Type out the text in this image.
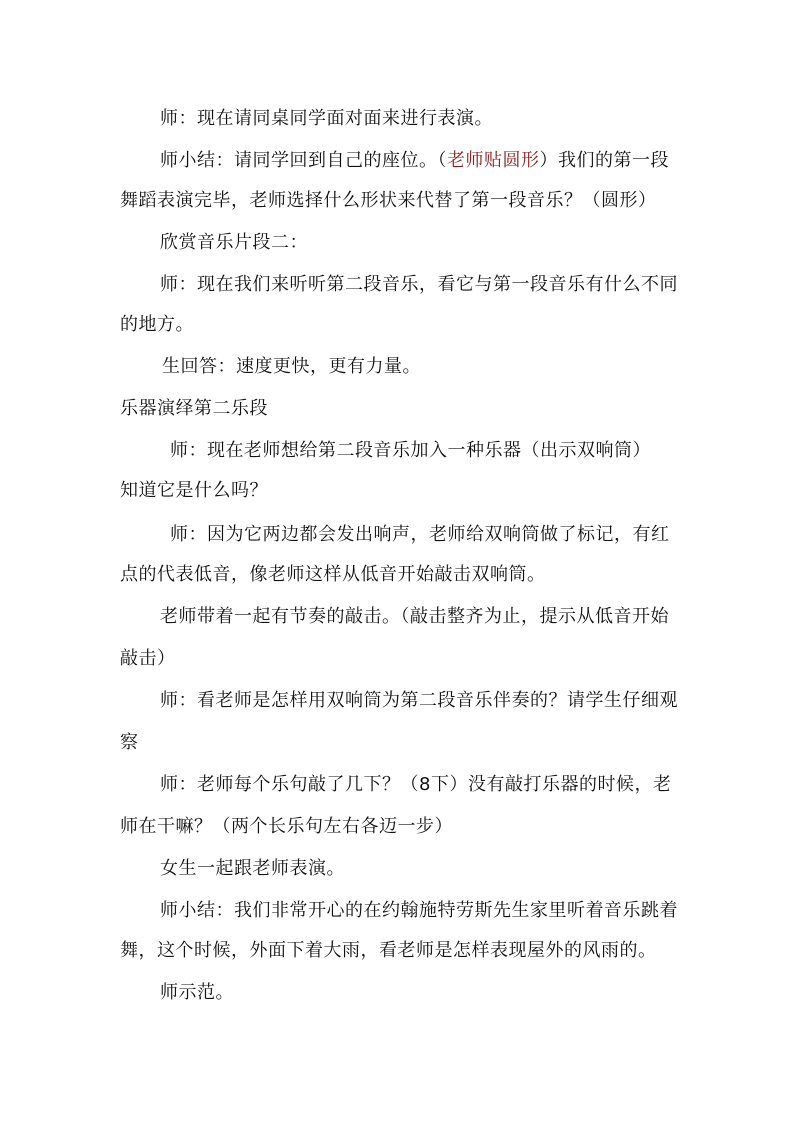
师：现在请同桌同学面对面来进行表演。
师小结：请同学回到自己的座位。（老师贴圆形）我们的第一段
舞蹈表演完毕，老师选择什么形状来代替了第一段音乐？（圆形）
欣赏音乐片段二：
师：现在我们来听听第二段音乐，看它与第一段音乐有什么不同
的地方。
生回答：速度更快，更有力量。
乐器演绎第二乐段
师：现在老师想给第二段音乐加入一种乐器（出示双响筒）
知道它是什么吗？
师：因为它两边都会发出响声，老师给双响筒做了标记，有红
点的代表低音，像老师这样从低音开始敲击双响筒。
老师带着一起有节奏的敲击。（敲击整齐为止，提示从低音开始
敲击）
师：看老师是怎样用双响筒为第二段音乐伴奏的？请学生仔细观
察
师：老师每个乐句敲了几下？（8下）没有敲打乐器的时候，老
师在干嘛？（两个长乐句左右各迈一步）
女生一起跟老师表演。
师小结：我们非常开心的在约翰施特劳斯先生家里听着音乐跳着
舞，这个时候，外面下着大雨，看老师是怎样表现屋外的风雨的。
师示范。
